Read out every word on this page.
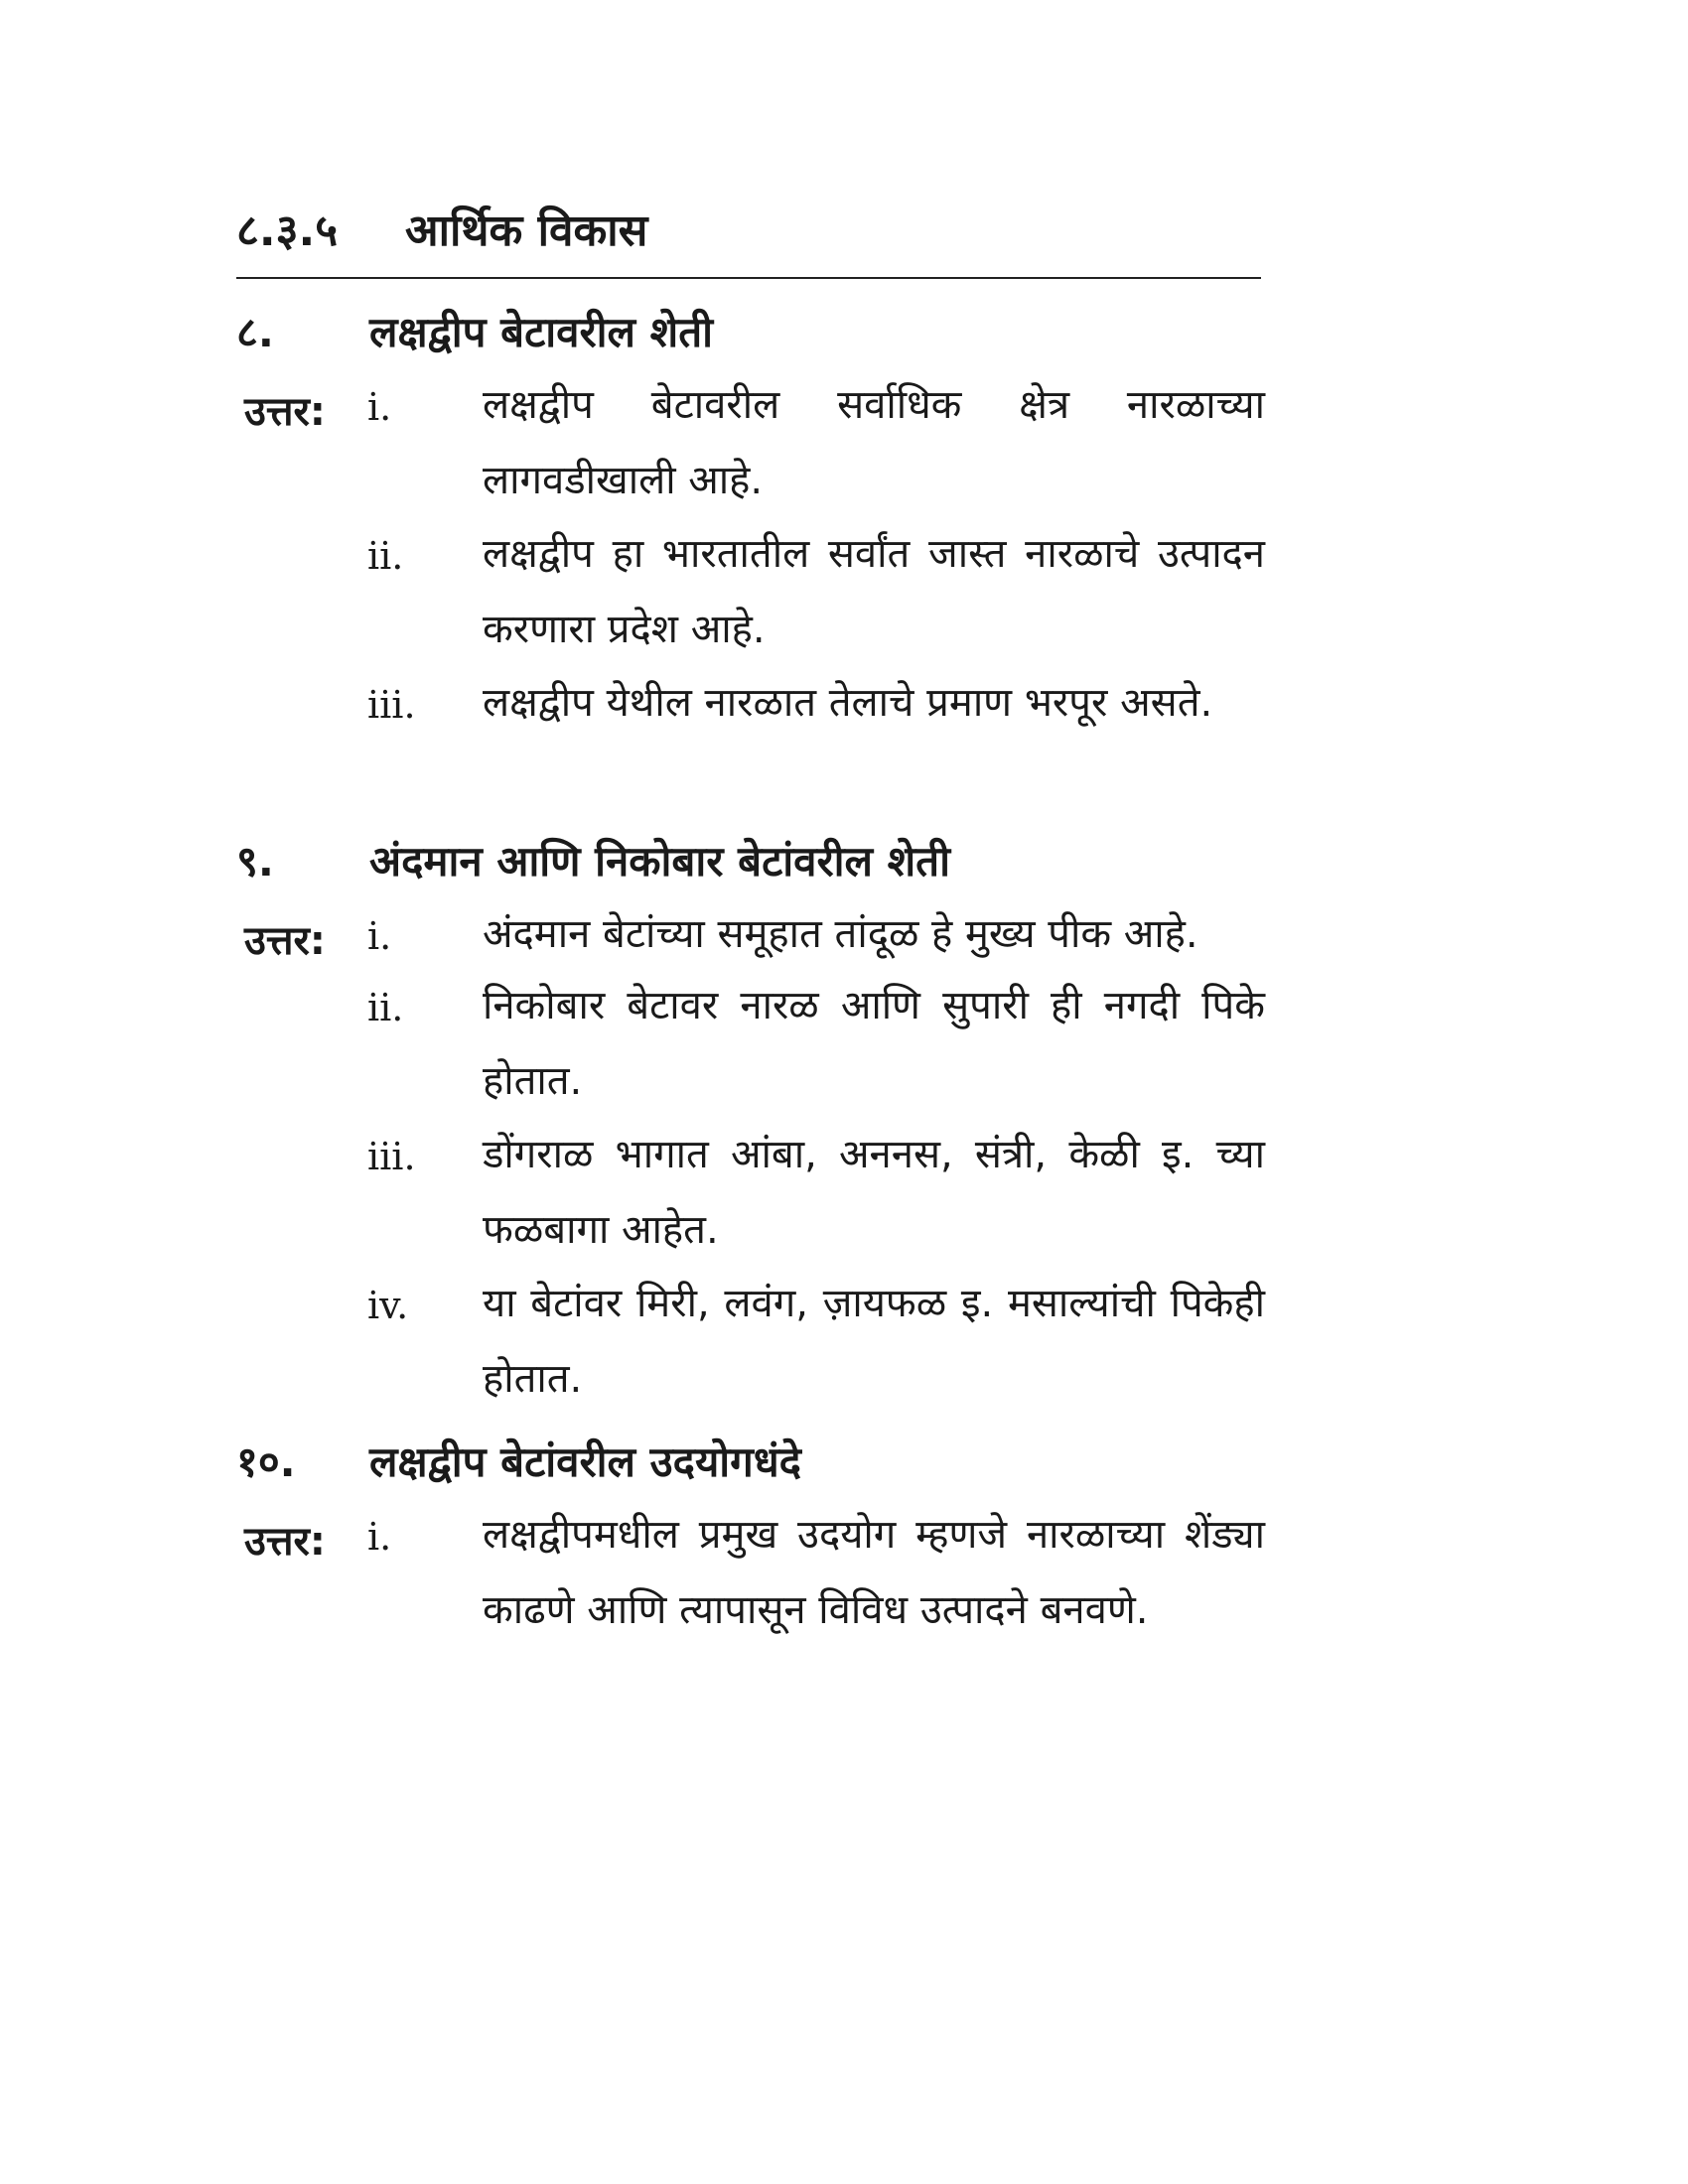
८.३.५ आर्थिक विकास
८. लक्षद्वीप बेटावरील शेती
उत्तर: i. लक्षद्वीप बेटावरील सर्वाधिक क्षेत्र नारळाच्या लागवडीखाली आहे.
ii. लक्षद्वीप हा भारतातील सर्वांत जास्त नारळाचे उत्पादन करणारा प्रदेश आहे.
iii. लक्षद्वीप येथील नारळात तेलाचे प्रमाण भरपूर असते.
९. अंदमान आणि निकोबार बेटांवरील शेती
उत्तर: i. अंदमान बेटांच्या समूहात तांदूळ हे मुख्य पीक आहे.
ii. निकोबार बेटावर नारळ आणि सुपारी ही नगदी पिके होतात.
iii. डोंगराळ भागात आंबा, अननस, संत्री, केळी इ. च्या फळबागा आहेत.
iv. या बेटांवर मिरी, लवंग, ज़ायफळ इ. मसाल्यांची पिकेही होतात.
१०. लक्षद्वीप बेटांवरील उदयोगधंदे
उत्तर: i. लक्षद्वीपमधील प्रमुख उदयोग म्हणजे नारळाच्या शेंड्या काढणे आणि त्यापासून विविध उत्पादने बनवणे.
